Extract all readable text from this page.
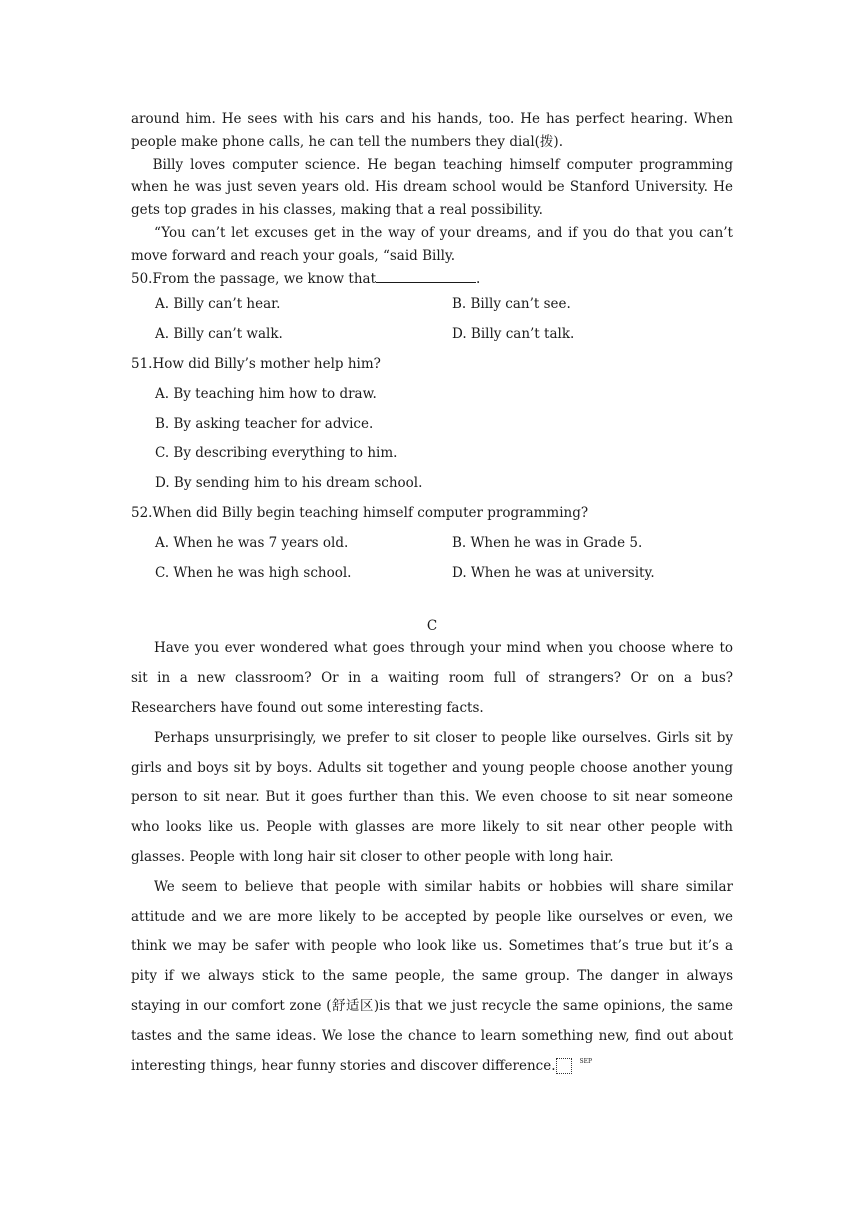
around him. He sees with his cars and his hands, too. He has perfect hearing. When people make phone calls, he can tell the numbers they dial(拨).

Billy loves computer science. He began teaching himself computer programming when he was just seven years old. His dream school would be Stanford University. He gets top grades in his classes, making that a real possibility.

“You can’t let excuses get in the way of your dreams, and if you do that you can’t move forward and reach your goals, “said Billy.

50.From the passage, we know that	.

A. Billy can’t hear.	B. Billy can’t see.
A. Billy can’t walk.	D. Billy can’t talk.

51.How did Billy’s mother help him?

A. By teaching him how to draw.
B. By asking teacher for advice.
C. By describing everything to him.
D. By sending him to his dream school.

52.When did Billy begin teaching himself computer programming?

A. When he was 7 years old.	B. When he was in Grade 5.
C. When he was high school.	D. When he was at university.
C

Have you ever wondered what goes through your mind when you choose where to sit in a new classroom? Or in a waiting room full of strangers? Or on a bus? Researchers have found out some interesting facts.

Perhaps unsurprisingly, we prefer to sit closer to people like ourselves. Girls sit by girls and boys sit by boys. Adults sit together and young people choose another young person to sit near. But it goes further than this. We even choose to sit near someone who looks like us. People with glasses are more likely to sit near other people with glasses. People with long hair sit closer to other people with long hair.

We seem to believe that people with similar habits or hobbies will share similar attitude and we are more likely to be accepted by people like ourselves or even, we think we may be safer with people who look like us. Sometimes that’s true but it’s a pity if we always stick to the same people, the same group. The danger in always staying in our comfort zone (舒适区)is that we just recycle the same opinions, the same tastes and the same ideas. We lose the chance to learn something new, find out about interesting things, hear funny stories and discover difference.	SEP
